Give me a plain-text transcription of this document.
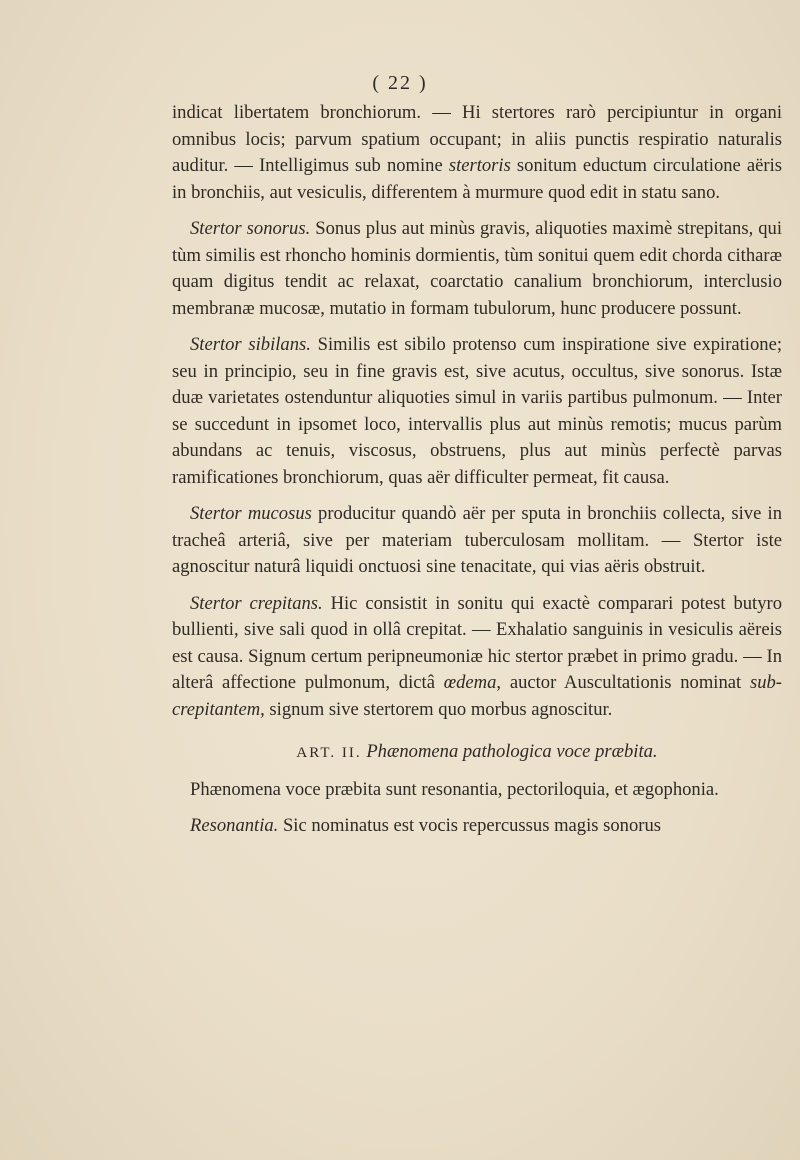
( 22 )

indicat libertatem bronchiorum. — Hi stertores rarò percipiuntur in organi omnibus locis; parvum spatium occupant; in aliis punctis respiratio naturalis auditur. — Intelligimus sub nomine stertoris sonitum eductum circulatione aëris in bronchiis, aut vesiculis, differentem à murmure quod edit in statu sano.

Stertor sonorus. Sonus plus aut minùs gravis, aliquoties maximè strepitans, qui tùm similis est rhoncho hominis dormientis, tùm sonitui quem edit chorda citharæ quam digitus tendit ac relaxat, coarctatio canalium bronchiorum, interclusio membranæ mucosæ, mutatio in formam tubulorum, hunc producere possunt.

Stertor sibilans. Similis est sibilo protenso cum inspiratione sive expiratione; seu in principio, seu in fine gravis est, sive acutus, occultus, sive sonorus. Istæ duæ varietates ostenduntur aliquoties simul in variis partibus pulmonum. — Inter se succedunt in ipsomet loco, intervallis plus aut minùs remotis; mucus parùm abundans ac tenuis, viscosus, obstruens, plus aut minùs perfectè parvas ramificationes bronchiorum, quas aër difficulter permeat, fit causa.

Stertor mucosus producitur quandò aër per sputa in bronchiis collecta, sive in tracheâ arteriâ, sive per materiam tuberculosam mollitam. — Stertor iste agnoscitur naturâ liquidi onctuosi sine tenacitate, qui vias aëris obstruit.

Stertor crepitans. Hic consistit in sonitu qui exactè comparari potest butyro bullienti, sive sali quod in ollâ crepitat. — Exhalatio sanguinis in vesiculis aëreis est causa. Signum certum peripneumoniæ hic stertor præbet in primo gradu. — In alterâ affectione pulmonum, dictâ œdema, auctor Auscultationis nominat sub-crepitantem, signum sive stertorem quo morbus agnoscitur.

ART. II. Phænomena pathologica voce præbita.

Phænomena voce præbita sunt resonantia, pectoriloquia, et ægophonia.

Resonantia. Sic nominatus est vocis repercussus magis sonorus
